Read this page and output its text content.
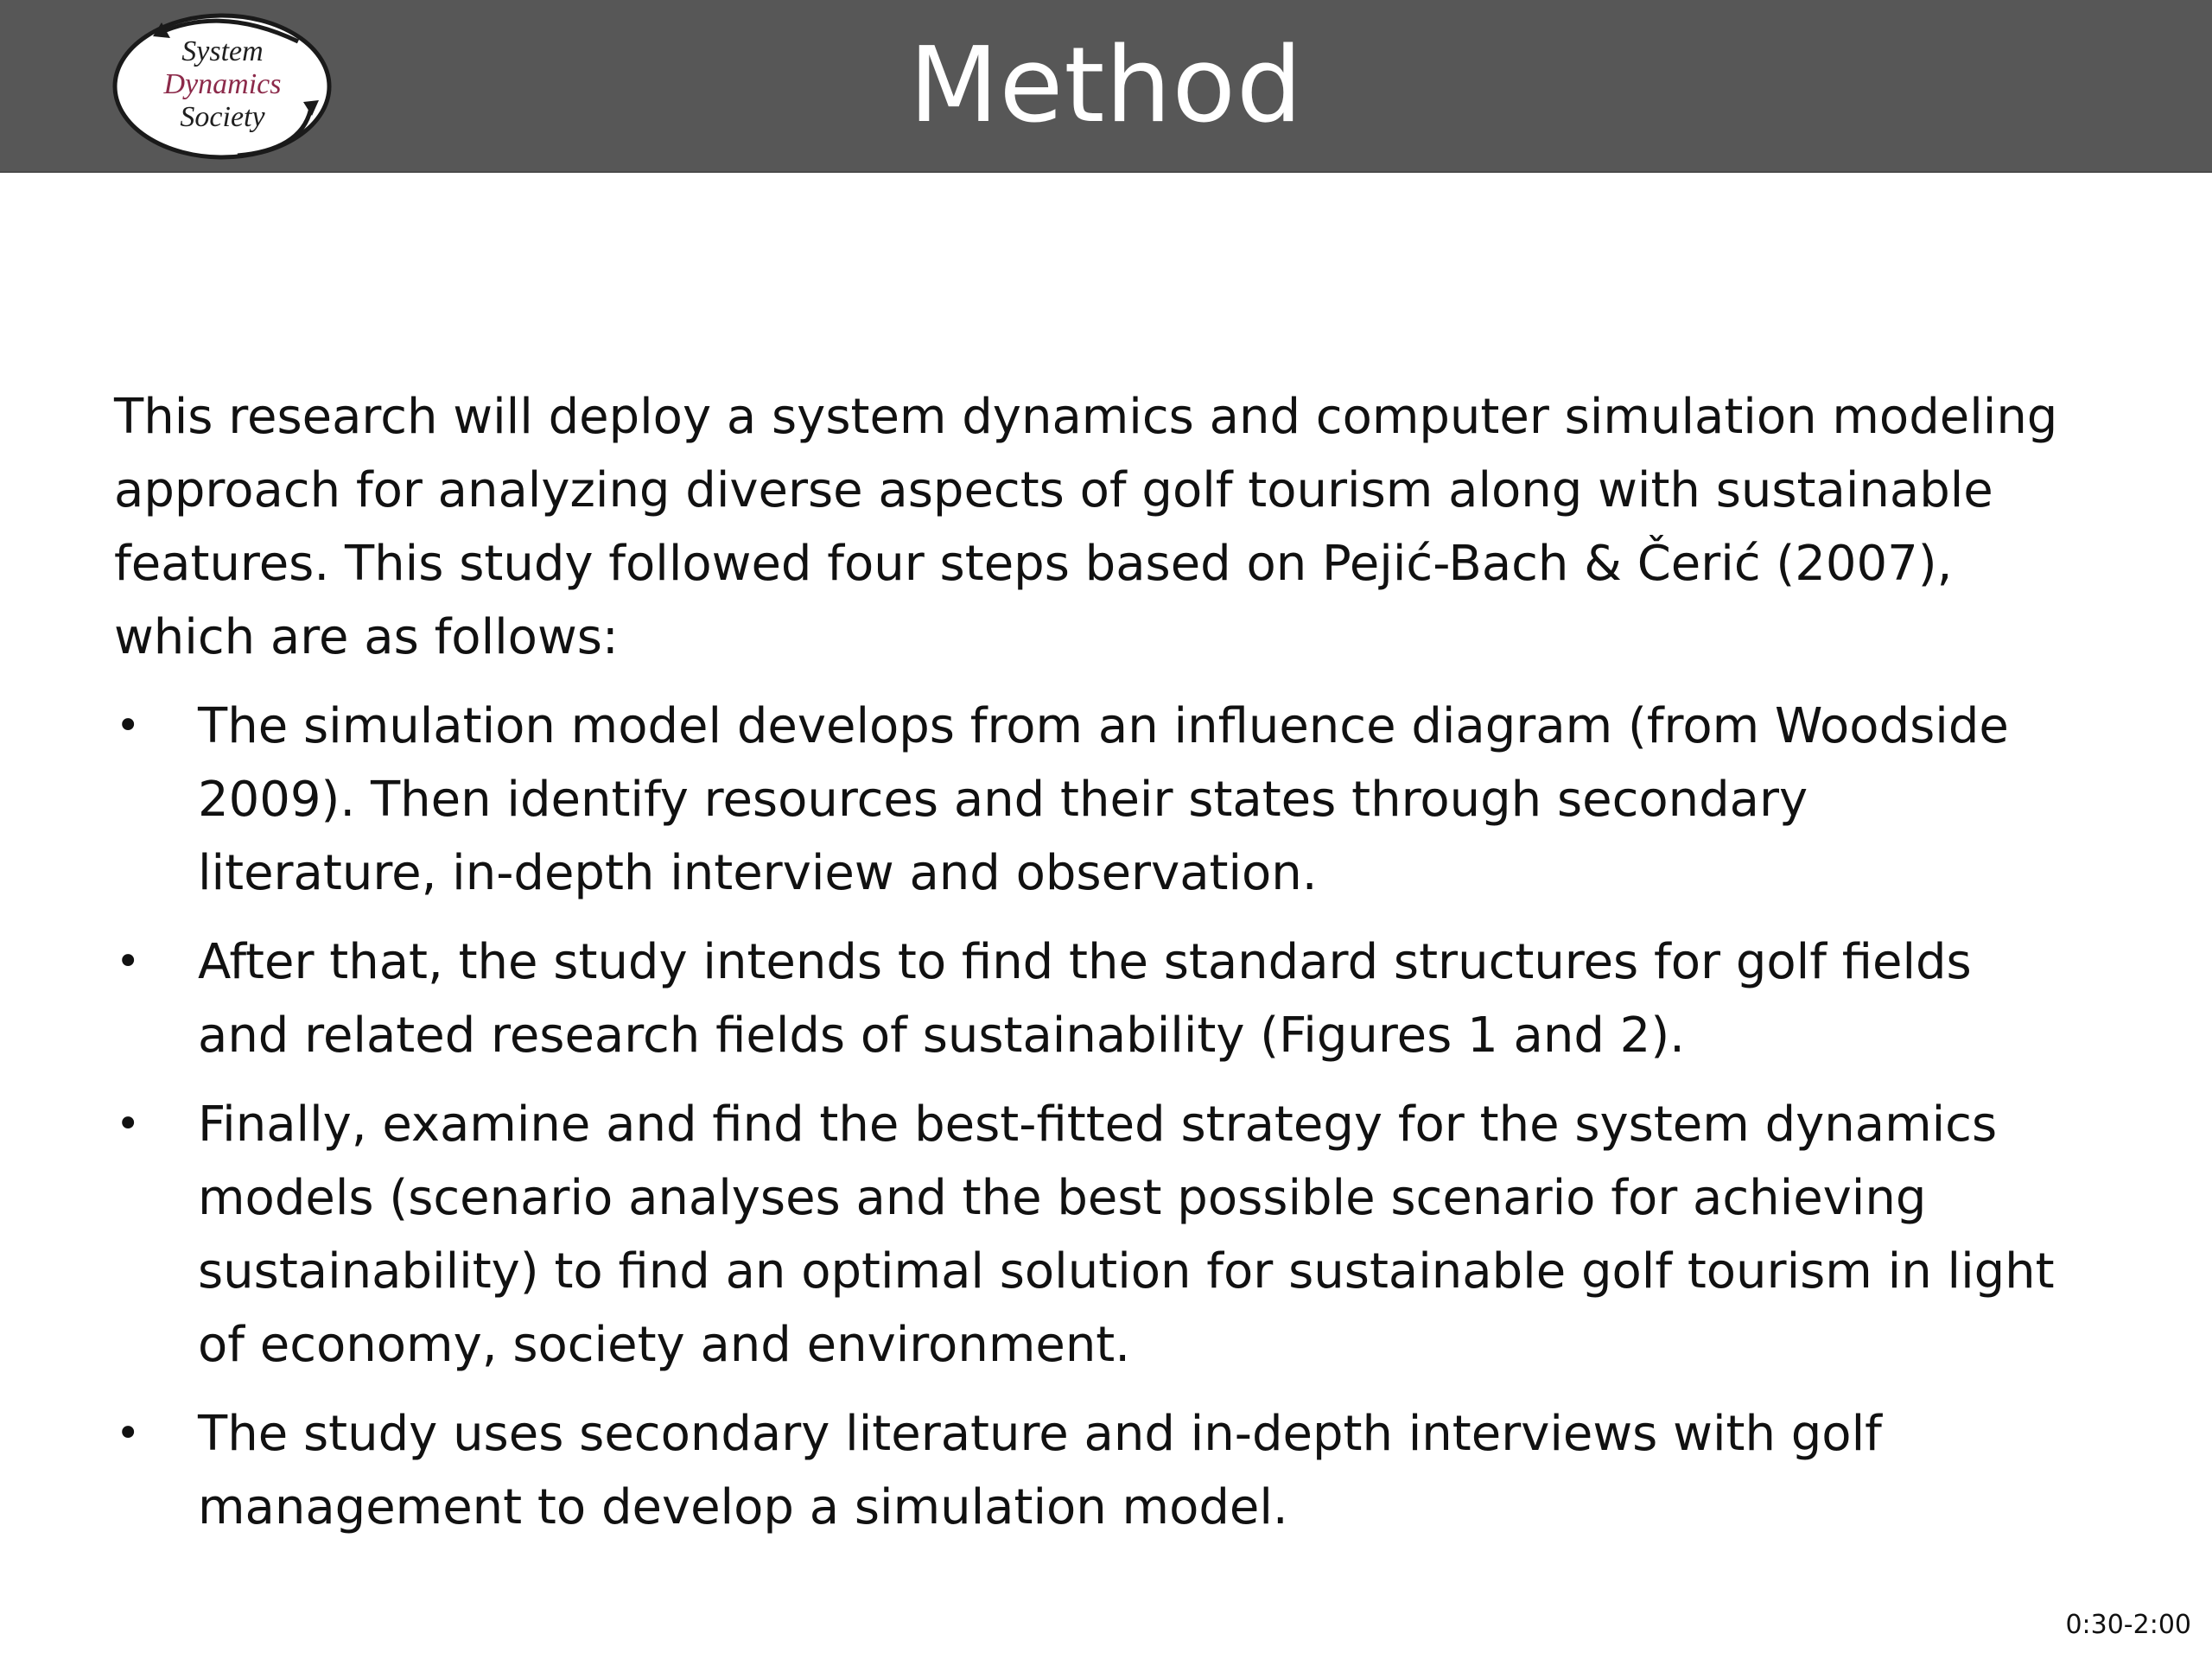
System
Dynamics
Society	Method

This research will deploy a system dynamics and computer simulation modeling approach for analyzing diverse aspects of golf tourism along with sustainable features. This study followed four steps based on Pejić-Bach & Čerić (2007), which are as follows:

• The simulation model develops from an influence diagram (from Woodside 2009). Then identify resources and their states through secondary literature, in-depth interview and observation.
• After that, the study intends to find the standard structures for golf fields and related research fields of sustainability (Figures 1 and 2).
• Finally, examine and find the best-fitted strategy for the system dynamics models (scenario analyses and the best possible scenario for achieving sustainability) to find an optimal solution for sustainable golf tourism in light of economy, society and environment.
• The study uses secondary literature and in-depth interviews with golf management to develop a simulation model.
0:30-2:00
